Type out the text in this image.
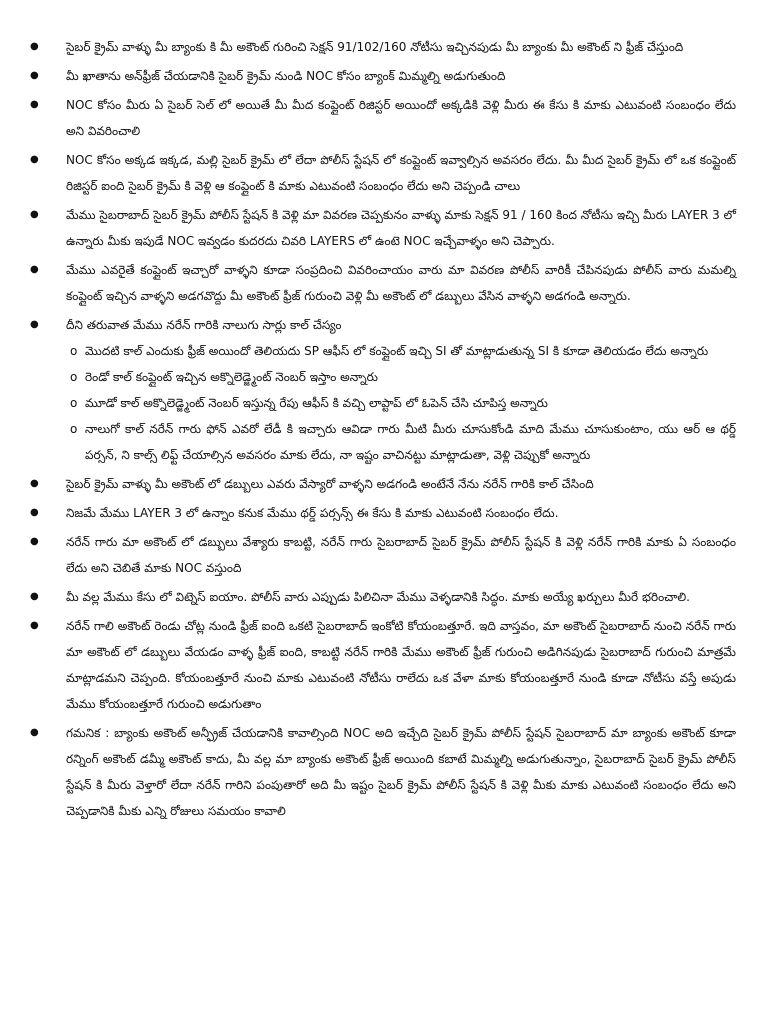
● సైబర్ క్రైమ్ వాళ్ళు మీ బ్యాంకు కి మీ అకౌంట్ గురించి సెక్షన్ 91/102/160 నోటీసు ఇచ్చినపుడు మీ బ్యాంకు మీ అకౌంట్ ని ఫ్రీజ్ చేస్తుంది
● మీ ఖాతాను అన్‌ఫ్రీజ్ చేయడానికి సైబర్ క్రైమ్ నుండి NOC కోసం బ్యాంక్ మిమ్మల్ని అడుగుతుంది
● NOC కోసం మీరు ఏ సైబర్ సెల్ లో అయితే మీ మీద కంప్లైంట్ రిజిస్టర్ అయిందో అక్కడికి వెళ్లి మీరు ఈ కేసు కి మాకు ఎటువంటి సంబంధం లేదు అని వివరించాలి
● NOC కోసం అక్కడ ఇక్కడ, మల్లి సైబర్ క్రైమ్ లో లేదా పోలీస్ స్టేషన్ లో కంప్లైంట్ ఇవ్వాల్సిన అవసరం లేదు. మీ మీద సైబర్ క్రైమ్ లో ఒక కంప్లైంట్ రిజిస్టర్ ఐంది సైబర్ క్రైమ్ కి వెళ్లి ఆ కంప్లైంట్ కి మాకు ఎటువంటి సంబంధం లేదు అని చెప్పండి చాలు
● మేము సైబరాబాద్ సైబర్ క్రైమ్ పోలీస్ స్టేషన్ కి వెళ్లి మా వివరణ చెప్పకునం వాళ్ళు మాకు సెక్షన్ 91 / 160 కింద నోటీసు ఇచ్చి మీరు LAYER 3 లో ఉన్నారు మీకు ఇపుడే NOC ఇవ్వడం కుదరదు చివరి LAYERS లో ఉంటె NOC ఇచ్చేవాళ్ళం అని చెప్పారు.
● మేము ఎవరైతే కంప్లైంట్ ఇచ్చారో వాళ్ళని కూడా సంప్రదించి వివరించాయం వారు మా వివరణ పోలీస్ వారికీ చేపినపుడు పోలీస్ వారు మమల్ని కంప్లైంట్ ఇచ్చిన వాళ్ళని అడగవొద్దు మీ అకౌంట్ ఫ్రీజ్ గురుంచి వెళ్లి మీ అకౌంట్ లో డబ్బులు వేసిన వాళ్ళని అడగండి అన్నారు.
● దీని తరువాత మేము నరేన్ గారికి నాలుగు సార్లు కాల్ చేస్యం
o మొదటి కాల్ ఎందుకు ఫ్రీజ్ అయిందో తెలియదు SP ఆఫీస్ లో కంప్లైంట్ ఇచ్చి SI తో మాట్లాడుతున్న SI కి కూడా తెలియడం లేదు అన్నారు
o రెండో కాల్ కంప్లైంట్ ఇచ్చిన అక్నొలెడ్జ్మెంట్ నెంబర్ ఇస్తాం అన్నారు
o మూడో కాల్ అక్నొలెడ్జ్మెంట్ నెంబర్ ఇస్తున్న రేపు ఆఫీస్ కి వచ్చి లాప్టాప్ లో ఓపెన్ చేసి చూపిస్త అన్నారు
o నాలుగో కాల్ నరేన్ గారు ఫోన్ ఎవరో లేడీ కి ఇచ్చారు ఆవిడా గారు మీటి మీరు చూసుకోండి మాది మేము చూసుకుంటాం, యు ఆర్ ఆ థర్డ్ పర్సన్, ని కాల్స్ లిఫ్ట్ చేయాల్సిన అవసరం మాకు లేదు, నా ఇష్టం వాచినట్టు మాట్లాడుతా, వెళ్లి చెప్పుకో అన్నారు
● సైబర్ క్రైమ్ వాళ్ళు మీ అకౌంట్ లో డబ్బులు ఎవరు వేస్యారో వాళ్ళని అడగండి అంటేనే నేను నరేన్ గారికి కాల్ చేసింది
● నిజమే మేము LAYER 3 లో ఉన్నాం కనుక మేము థర్డ్ పర్సన్స్ ఈ కేసు కి మాకు ఎటువంటి సంబంధం లేదు.
● నరేన్ గారు మా అకౌంట్ లో డబ్బులు వేశ్యారు కాబట్టి, నరేన్ గారు సైబరాబాద్ సైబర్ క్రైమ్ పోలీస్ స్టేషన్ కి వెళ్లి నరేన్ గారికి మాకు ఏ సంబంధం లేదు అని చెబితే మాకు NOC వస్తుంది
● మీ వల్ల మేము కేసు లో విట్నెస్ ఐయాం. పోలీస్ వారు ఎప్పుడు పిలిచినా మేము వెళ్ళడానికి సిద్ధం. మాకు అయ్యే ఖర్చులు మీరే భరించాలి.
● నరేన్ గాలి అకౌంట్ రెండు చోట్ల నుండి ఫ్రీజ్ ఐంది ఒకటి సైబరాబాద్ ఇంకోటి కోయంబత్తూరే. ఇది వాస్తవం, మా అకౌంట్ సైబరాబాద్ నుంచి నరేన్ గారు మా అకౌంట్ లో డబ్బులు వేయడం వాళ్ళ ఫ్రీజ్ ఐంది, కాబట్టి నరేన్ గారికి మేము అకౌంట్ ఫ్రీజ్ గురుంచి అడిగినపుడు సైబరాబాద్ గురుంచి మాత్రమే మాట్లాడమని చెప్పంది. కోయంబత్తూరే నుంచి మాకు ఎటువంటి నోటీసు రాలేదు ఒక వేళా మాకు కోయంబత్తూరే నుండి కూడా నోటీసు వస్తే అపుడు మేము కోయంబత్తూరే గురుంచి అడుగుతాం
● గమనిక : బ్యాంకు అకౌంట్ అన్ఫ్రీజ్ చేయడానికి కావాల్సింది NOC అది ఇచ్చేది సైబర్ క్రైమ్ పోలీస్ స్టేషన్ సైబరాబాద్ మా బ్యాంకు అకౌంట్ కూడా రన్నింగ్ అకౌంట్ డమ్మీ అకౌంట్ కాదు, మీ వల్ల మా బ్యాంకు అకౌంట్ ఫ్రీజ్ అయింది కబాటే మిమ్మల్ని అడుగుతున్నాం, సైబరాబాద్ సైబర్ క్రైమ్ పోలీస్ స్టేషన్ కి మీరు వెళ్తారో లేదా నరేన్ గారిని పంపుతారో అది మీ ఇష్టం సైబర్ క్రైమ్ పోలీస్ స్టేషన్ కి వెళ్లి మీకు మాకు ఎటువంటి సంబంధం లేదు అని చెప్పడానికి మీకు ఎన్ని రోజులు సమయం కావాలి
